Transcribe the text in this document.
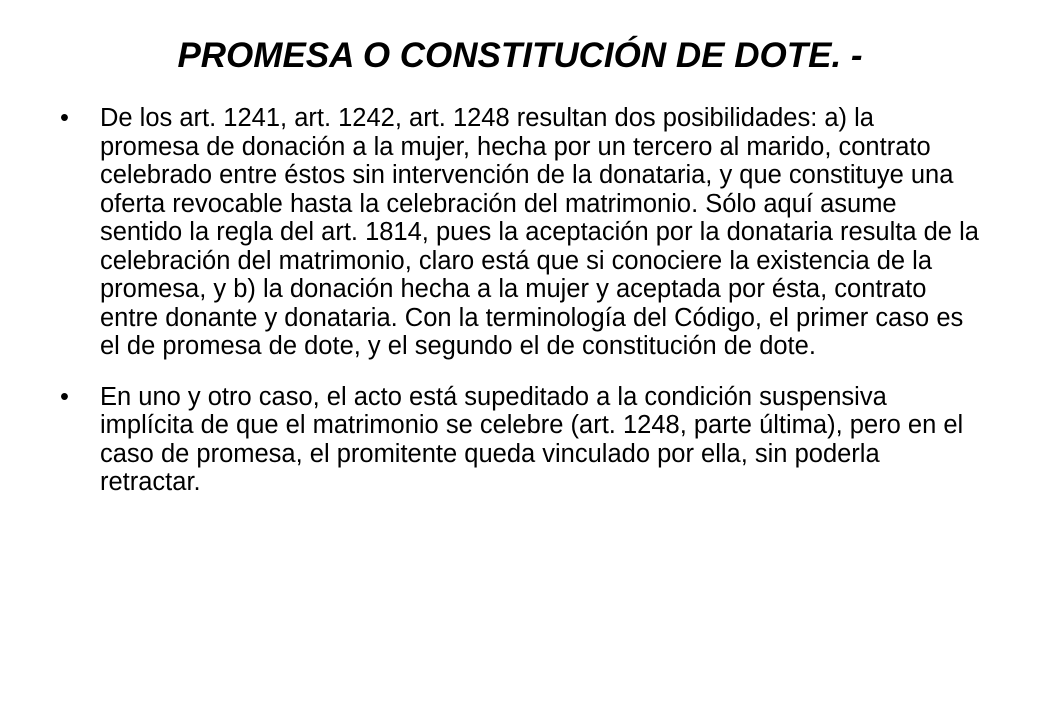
PROMESA O CONSTITUCIÓN DE DOTE. -
•	De los art. 1241, art. 1242, art. 1248 resultan dos posibilidades: a) la promesa de donación a la mujer, hecha por un tercero al marido, contrato celebrado entre éstos sin intervención de la donataria, y que constituye una oferta revocable hasta la celebración del matrimonio. Sólo aquí asume sentido la regla del art. 1814, pues la aceptación por la donataria resulta de la celebración del matrimonio, claro está que si conociere la existencia de la promesa, y b) la donación hecha a la mujer y aceptada por ésta, contrato entre donante y donataria. Con la terminología del Código, el primer caso es el de promesa de dote, y el segundo el de constitución de dote.
•	En uno y otro caso, el acto está supeditado a la condición suspensiva implícita de que el matrimonio se celebre (art. 1248, parte última), pero en el caso de promesa, el promitente queda vinculado por ella, sin poderla retractar.
